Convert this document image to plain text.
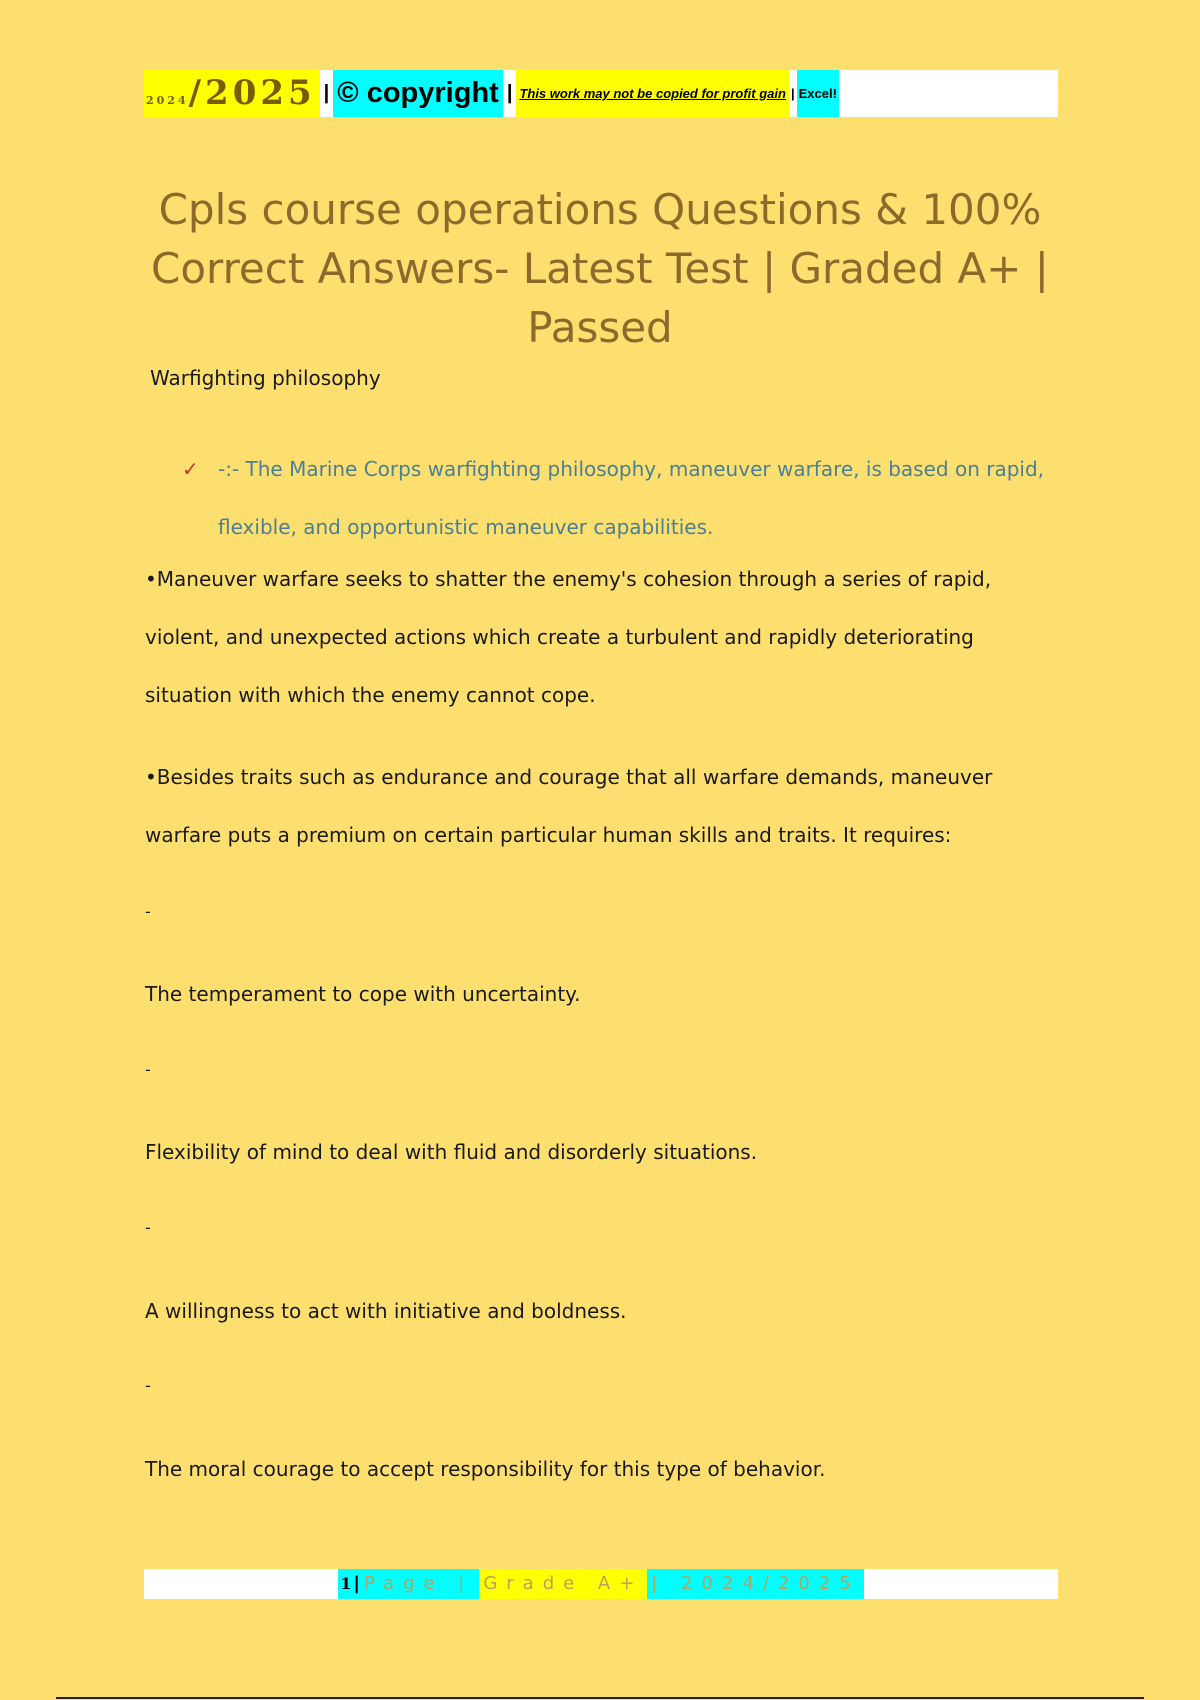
2024 /2025 | © copyright | This work may not be copied for profit gain | Excel!
Cpls course operations Questions & 100%
Correct Answers- Latest Test | Graded A+ |
Passed
Warfighting philosophy
✓ -:- The Marine Corps warfighting philosophy, maneuver warfare, is based on rapid, flexible, and opportunistic maneuver capabilities.
•Maneuver warfare seeks to shatter the enemy's cohesion through a series of rapid, violent, and unexpected actions which create a turbulent and rapidly deteriorating situation with which the enemy cannot cope.
•Besides traits such as endurance and courage that all warfare demands, maneuver warfare puts a premium on certain particular human skills and traits. It requires:
-
The temperament to cope with uncertainty.
-
Flexibility of mind to deal with fluid and disorderly situations.
-
A willingness to act with initiative and boldness.
-
The moral courage to accept responsibility for this type of behavior.
1 | Page | Grade A+ | 2024/2025
